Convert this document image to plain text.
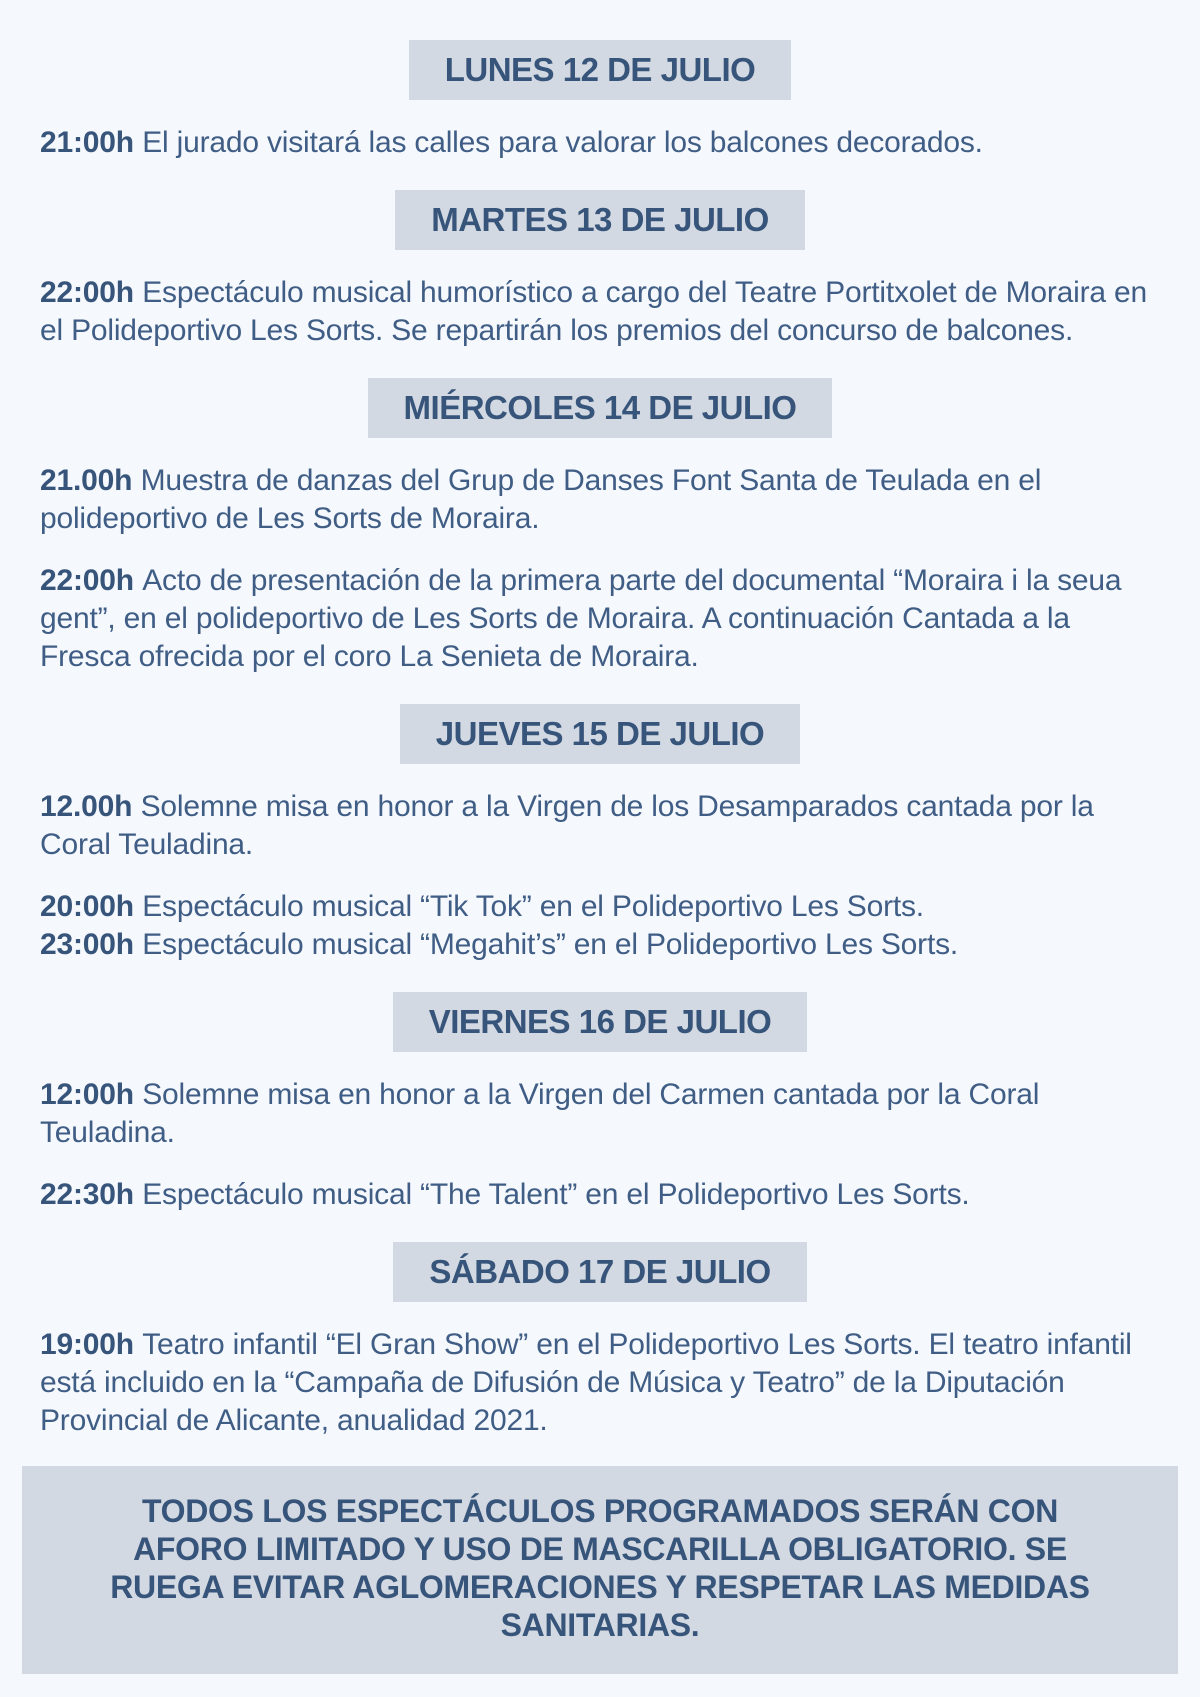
LUNES 12 DE JULIO

21:00h El jurado visitará las calles para valorar los balcones decorados.

MARTES 13 DE JULIO

22:00h Espectáculo musical humorístico a cargo del Teatre Portitxolet de Moraira en el Polideportivo Les Sorts. Se repartirán los premios del concurso de balcones.

MIÉRCOLES 14 DE JULIO

21.00h Muestra de danzas del Grup de Danses Font Santa de Teulada en el polideportivo de Les Sorts de Moraira.

22:00h Acto de presentación de la primera parte del documental “Moraira i la seua gent”, en el polideportivo de Les Sorts de Moraira. A continuación Cantada a la Fresca ofrecida por el coro La Senieta de Moraira.

JUEVES 15 DE JULIO

12.00h Solemne misa en honor a la Virgen de los Desamparados cantada por la Coral Teuladina.

20:00h Espectáculo musical “Tik Tok” en el Polideportivo Les Sorts.

23:00h Espectáculo musical “Megahit’s” en el Polideportivo Les Sorts.

VIERNES 16 DE JULIO

12:00h Solemne misa en honor a la Virgen del Carmen cantada por la Coral Teuladina.

22:30h Espectáculo musical “The Talent” en el Polideportivo Les Sorts.

SÁBADO 17 DE JULIO

19:00h Teatro infantil “El Gran Show” en el Polideportivo Les Sorts. El teatro infantil está incluido en la “Campaña de Difusión de Música y Teatro” de la Diputación Provincial de Alicante, anualidad 2021.

TODOS LOS ESPECTÁCULOS PROGRAMADOS SERÁN CON
AFORO LIMITADO Y USO DE MASCARILLA OBLIGATORIO. SE
RUEGA EVITAR AGLOMERACIONES Y RESPETAR LAS MEDIDAS
SANITARIAS.
